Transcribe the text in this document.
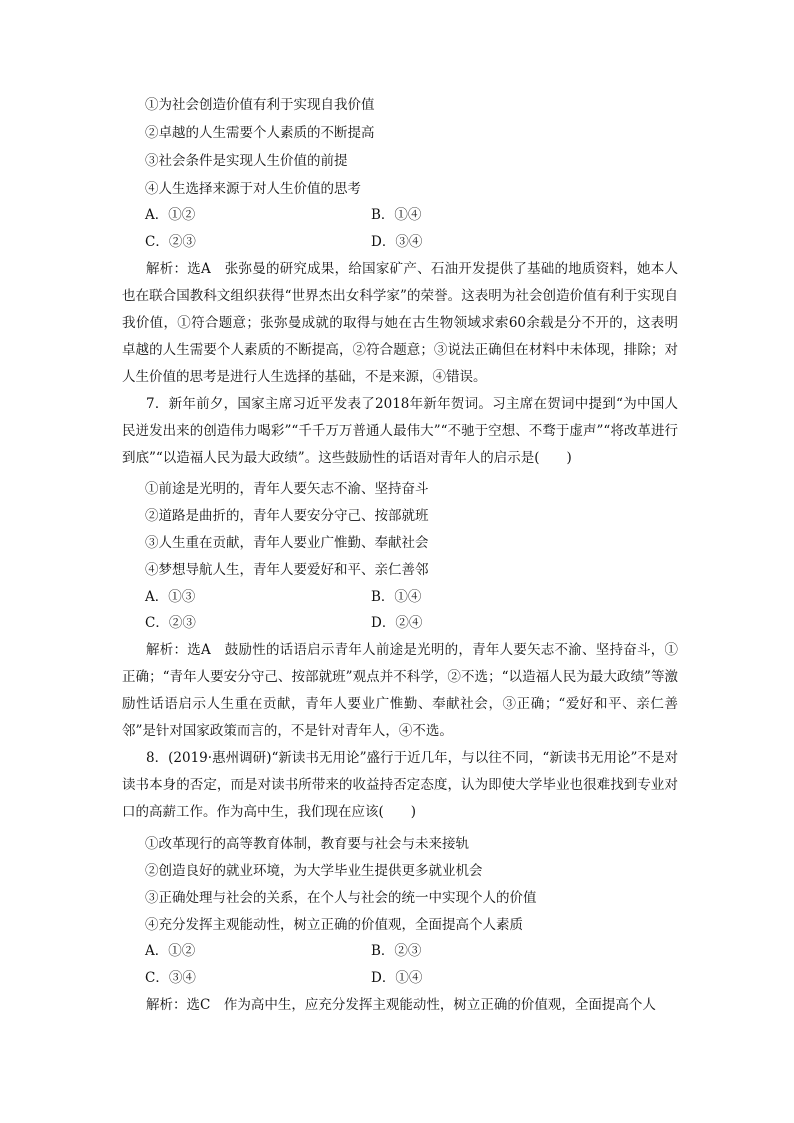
①为社会创造价值有利于实现自我价值
②卓越的人生需要个人素质的不断提高
③社会条件是实现人生价值的前提
④人生选择来源于对人生价值的思考
A．①②	B．①④
C．②③	D．③④
解析：选A　张弥曼的研究成果，给国家矿产、石油开发提供了基础的地质资料，她本人也在联合国教科文组织获得“世界杰出女科学家”的荣誉。这表明为社会创造价值有利于实现自我价值，①符合题意；张弥曼成就的取得与她在古生物领域求索60余载是分不开的，这表明卓越的人生需要个人素质的不断提高，②符合题意；③说法正确但在材料中未体现，排除；对人生价值的思考是进行人生选择的基础，不是来源，④错误。
7．新年前夕，国家主席习近平发表了2018年新年贺词。习主席在贺词中提到“为中国人民迸发出来的创造伟力喝彩”“千千万万普通人最伟大”“不驰于空想、不骛于虚声”“将改革进行到底”“以造福人民为最大政绩”。这些鼓励性的话语对青年人的启示是(　　)
①前途是光明的，青年人要矢志不渝、坚持奋斗
②道路是曲折的，青年人要安分守己、按部就班
③人生重在贡献，青年人要业广惟勤、奉献社会
④梦想导航人生，青年人要爱好和平、亲仁善邻
A．①③	B．①④
C．②③	D．②④
解析：选A　鼓励性的话语启示青年人前途是光明的，青年人要矢志不渝、坚持奋斗，①正确；“青年人要安分守己、按部就班”观点并不科学，②不选；“以造福人民为最大政绩”等激励性话语启示人生重在贡献，青年人要业广惟勤、奉献社会，③正确；“爱好和平、亲仁善邻”是针对国家政策而言的，不是针对青年人，④不选。
8．(2019·惠州调研)“新读书无用论”盛行于近几年，与以往不同，“新读书无用论”不是对读书本身的否定，而是对读书所带来的收益持否定态度，认为即使大学毕业也很难找到专业对口的高薪工作。作为高中生，我们现在应该(　　)
①改革现行的高等教育体制，教育要与社会与未来接轨
②创造良好的就业环境，为大学毕业生提供更多就业机会
③正确处理与社会的关系，在个人与社会的统一中实现个人的价值
④充分发挥主观能动性，树立正确的价值观，全面提高个人素质
A．①②	B．②③
C．③④	D．①④
解析：选C　作为高中生，应充分发挥主观能动性，树立正确的价值观，全面提高个人
